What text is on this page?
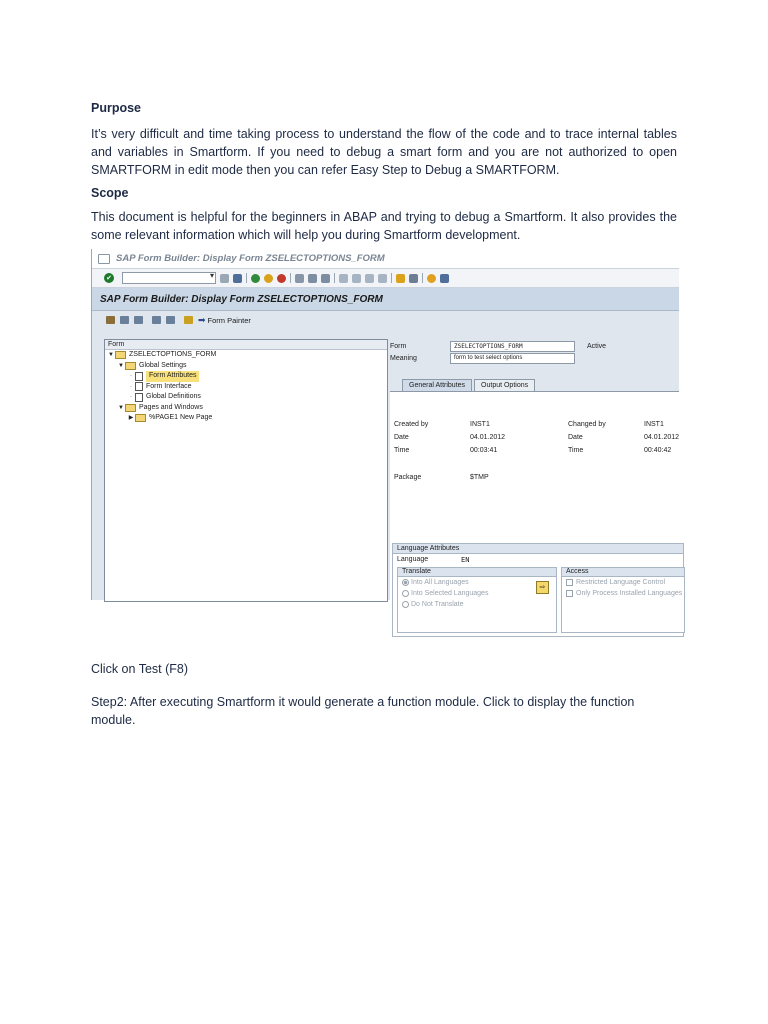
Purpose

It’s very difficult and time taking process to understand the flow of the code and to trace internal tables and variables in Smartform. If you need to debug a smart form and you are not authorized to open SMARTFORM in edit mode then you can refer Easy Step to Debug a SMARTFORM.

Scope

This document is helpful for the beginners in ABAP and trying to debug a Smartform. It also provides the some relevant information which will help you during Smartform development.

SAP Form Builder: Display Form ZSELECTOPTIONS_FORM
✔
▾
SAP Form Builder: Display Form ZSELECTOPTIONS_FORM
➡ Form Painter
Form
▼ ZSELECTOPTIONS_FORM
▼ Global Settings
·	Form Attributes
·	Form Interface
·	Global Definitions
▼ Pages and Windows
▶ %PAGE1 New Page
Form	ZSELECTOPTIONS_FORM	Active
Meaning	form to test select options
General Attributes	Output Options
Created by	INST1	Changed by	INST1
Date	04.01.2012	Date	04.01.2012
Time	00:03:41	Time	00:40:42
Package	$TMP
Language Attributes
Language	EN
Translate
Into All Languages
Into Selected Languages
Do Not Translate
⇨
Access
Restricted Language Control
Only Process Installed Languages

Click on Test (F8)

Step2: After executing Smartform it would generate a function module. Click to display the function module.
